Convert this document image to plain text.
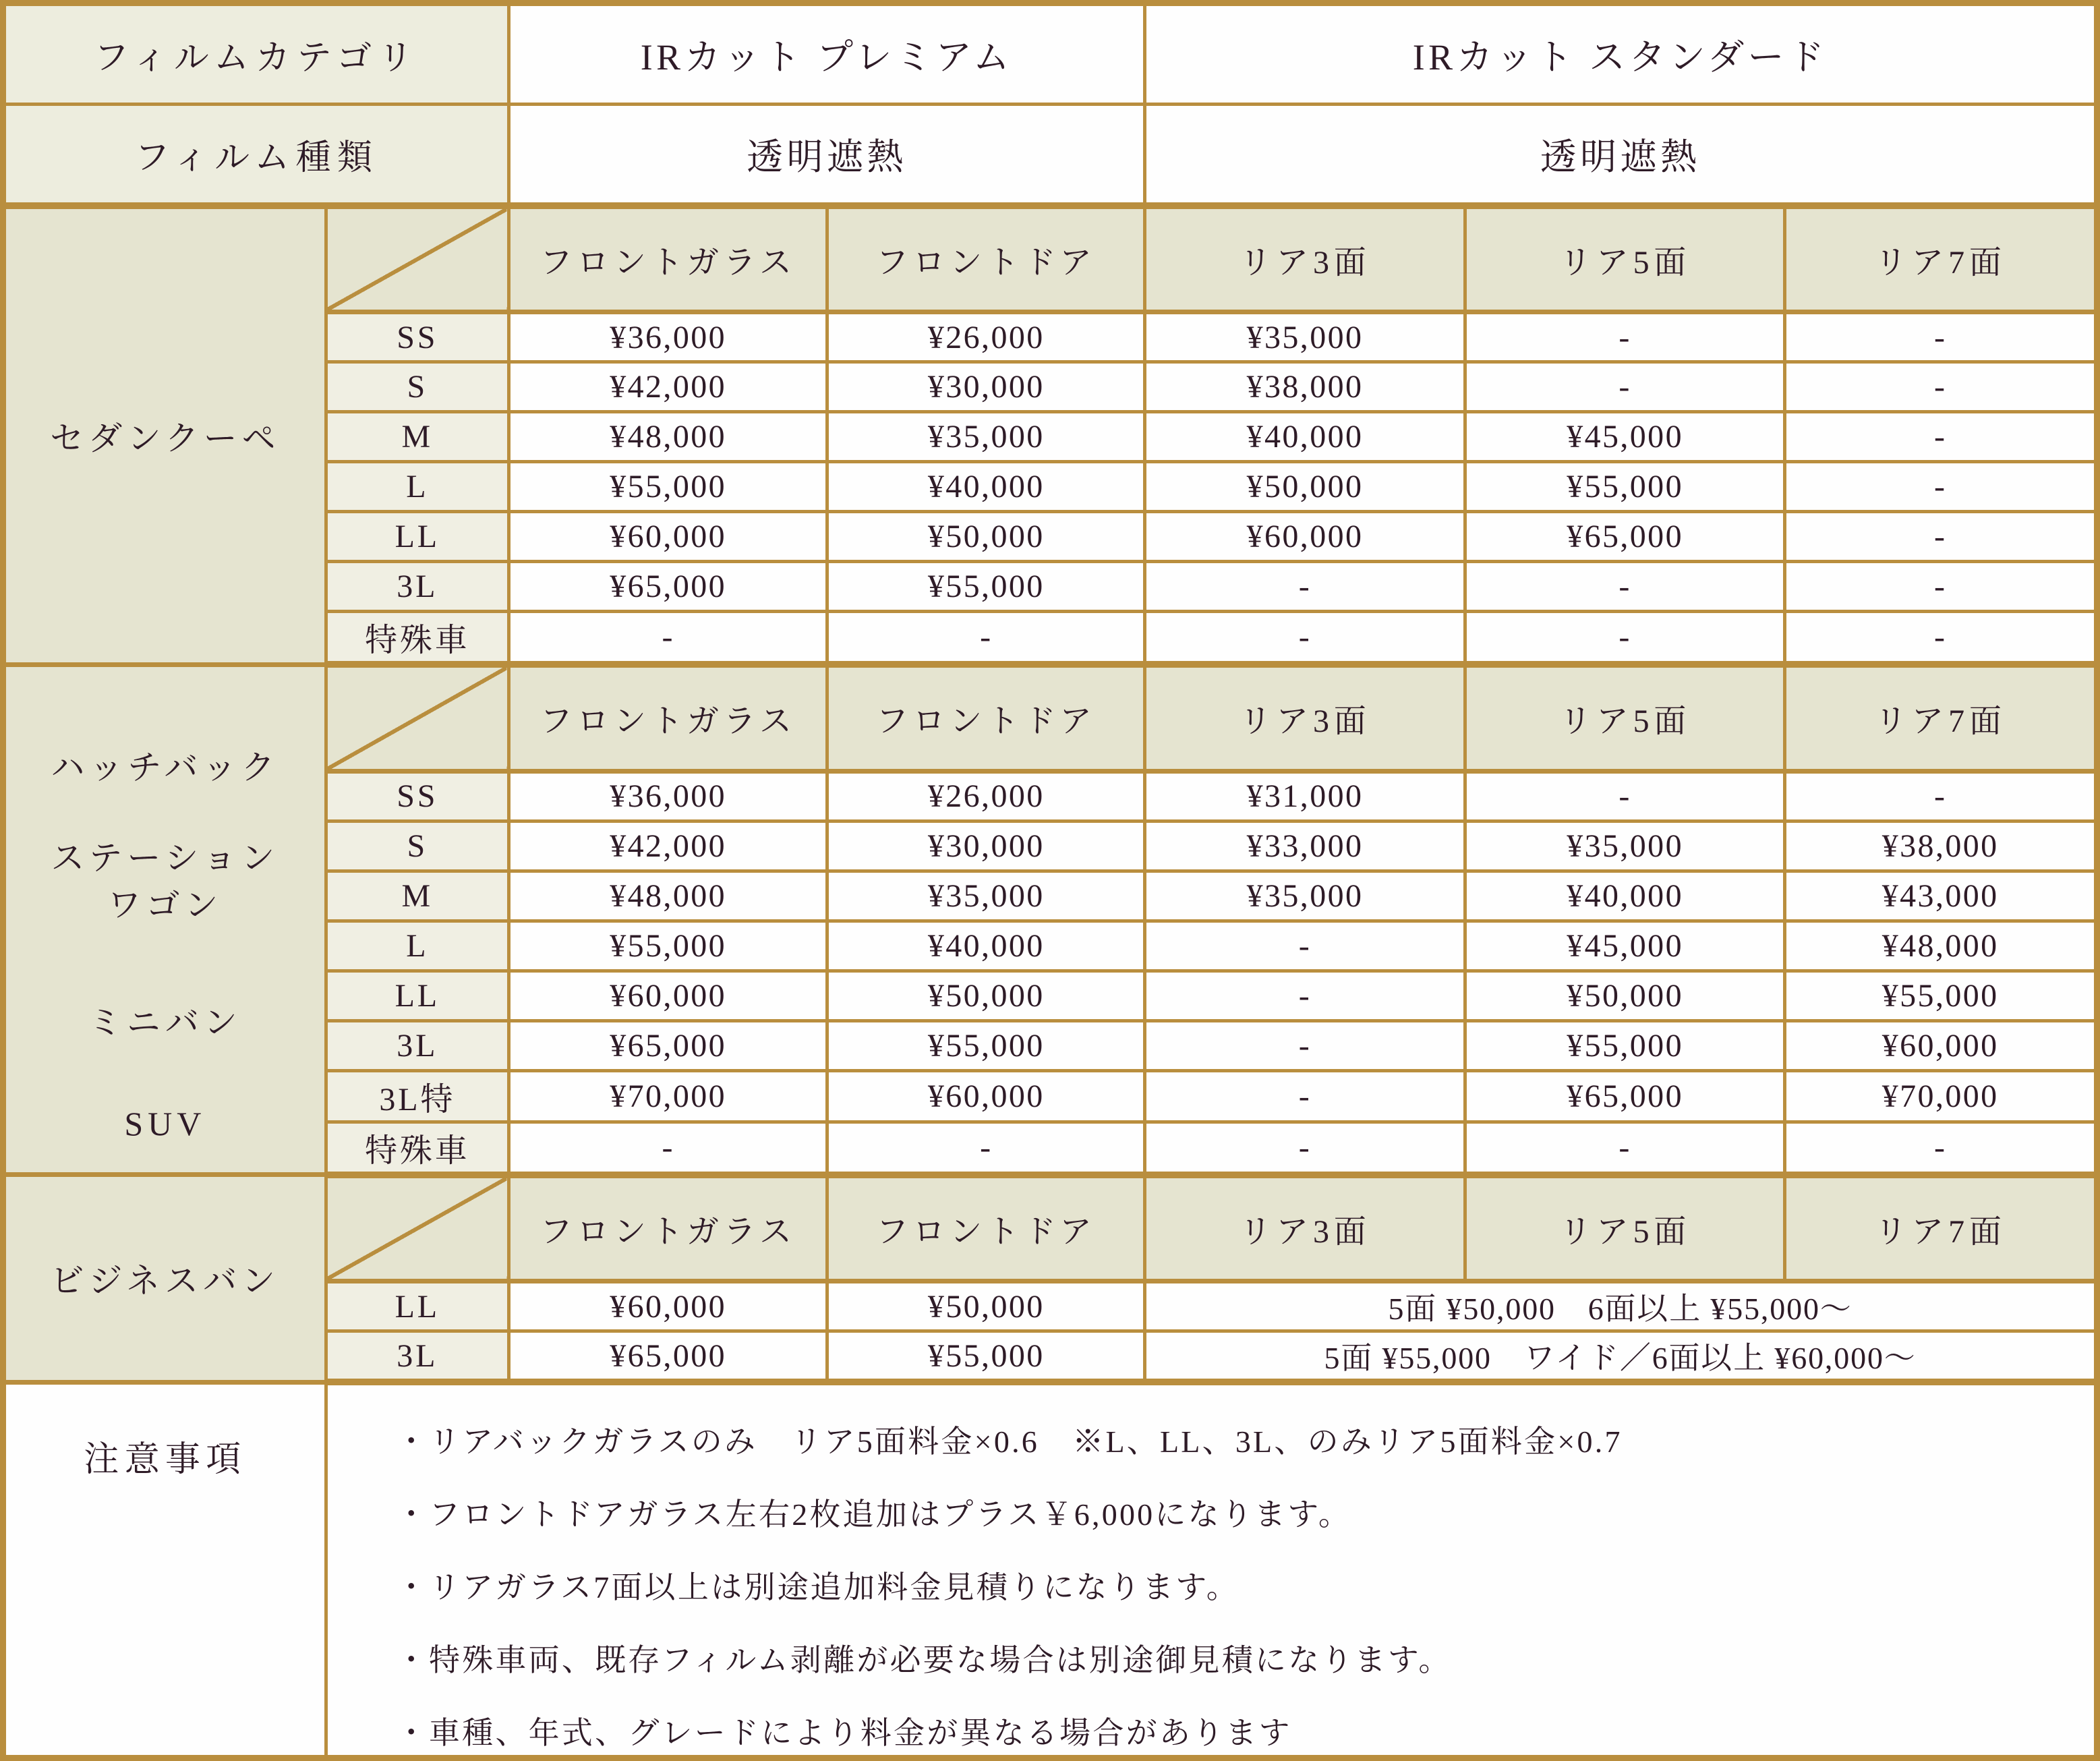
フィルムカテゴリ		IRカット プレミアム		IRカット スタンダード		
フィルム種類		透明遮熱		透明遮熱		
セダンクーペ		フロントガラス	フロントドア	リア3面	リア5面	リア7面
	SS	¥36,000	¥26,000	¥35,000	-	-
	S	¥42,000	¥30,000	¥38,000	-	-
	M	¥48,000	¥35,000	¥40,000	¥45,000	-
	L	¥55,000	¥40,000	¥50,000	¥55,000	-
	LL	¥60,000	¥50,000	¥60,000	¥65,000	-
	3L	¥65,000	¥55,000	-	-	-
	特殊車	-	-	-	-	-

ハッチバック
ステーション
ワゴン
ミニバン
SUV		フロントガラス	フロントドア	リア3面	リア5面	リア7面
	SS	¥36,000	¥26,000	¥31,000	-	-
	S	¥42,000	¥30,000	¥33,000	¥35,000	¥38,000
	M	¥48,000	¥35,000	¥35,000	¥40,000	¥43,000
	L	¥55,000	¥40,000	-	¥45,000	¥48,000
	LL	¥60,000	¥50,000	-	¥50,000	¥55,000
	3L	¥65,000	¥55,000	-	¥55,000	¥60,000
	3L特	¥70,000	¥60,000	-	¥65,000	¥70,000
	特殊車	-	-	-	-	-
ビジネスバン		フロントガラス	フロントドア	リア3面	リア5面	リア7面
	LL	¥60,000	¥50,000	5面 ¥50,000　6面以上 ¥55,000～		
	3L	¥65,000	¥55,000	5面 ¥55,000　ワイド／6面以上 ¥60,000～		
注意事項	・リアバックガラスのみ　リア5面料金×0.6　※L、LL、3L、のみリア5面料金×0.7
・フロントドアガラス左右2枚追加はプラス￥6,000になります。
・リアガラス7面以上は別途追加料金見積りになります。
・特殊車両、既存フィルム剥離が必要な場合は別途御見積になります。
・車種、年式、グレードにより料金が異なる場合があります					
